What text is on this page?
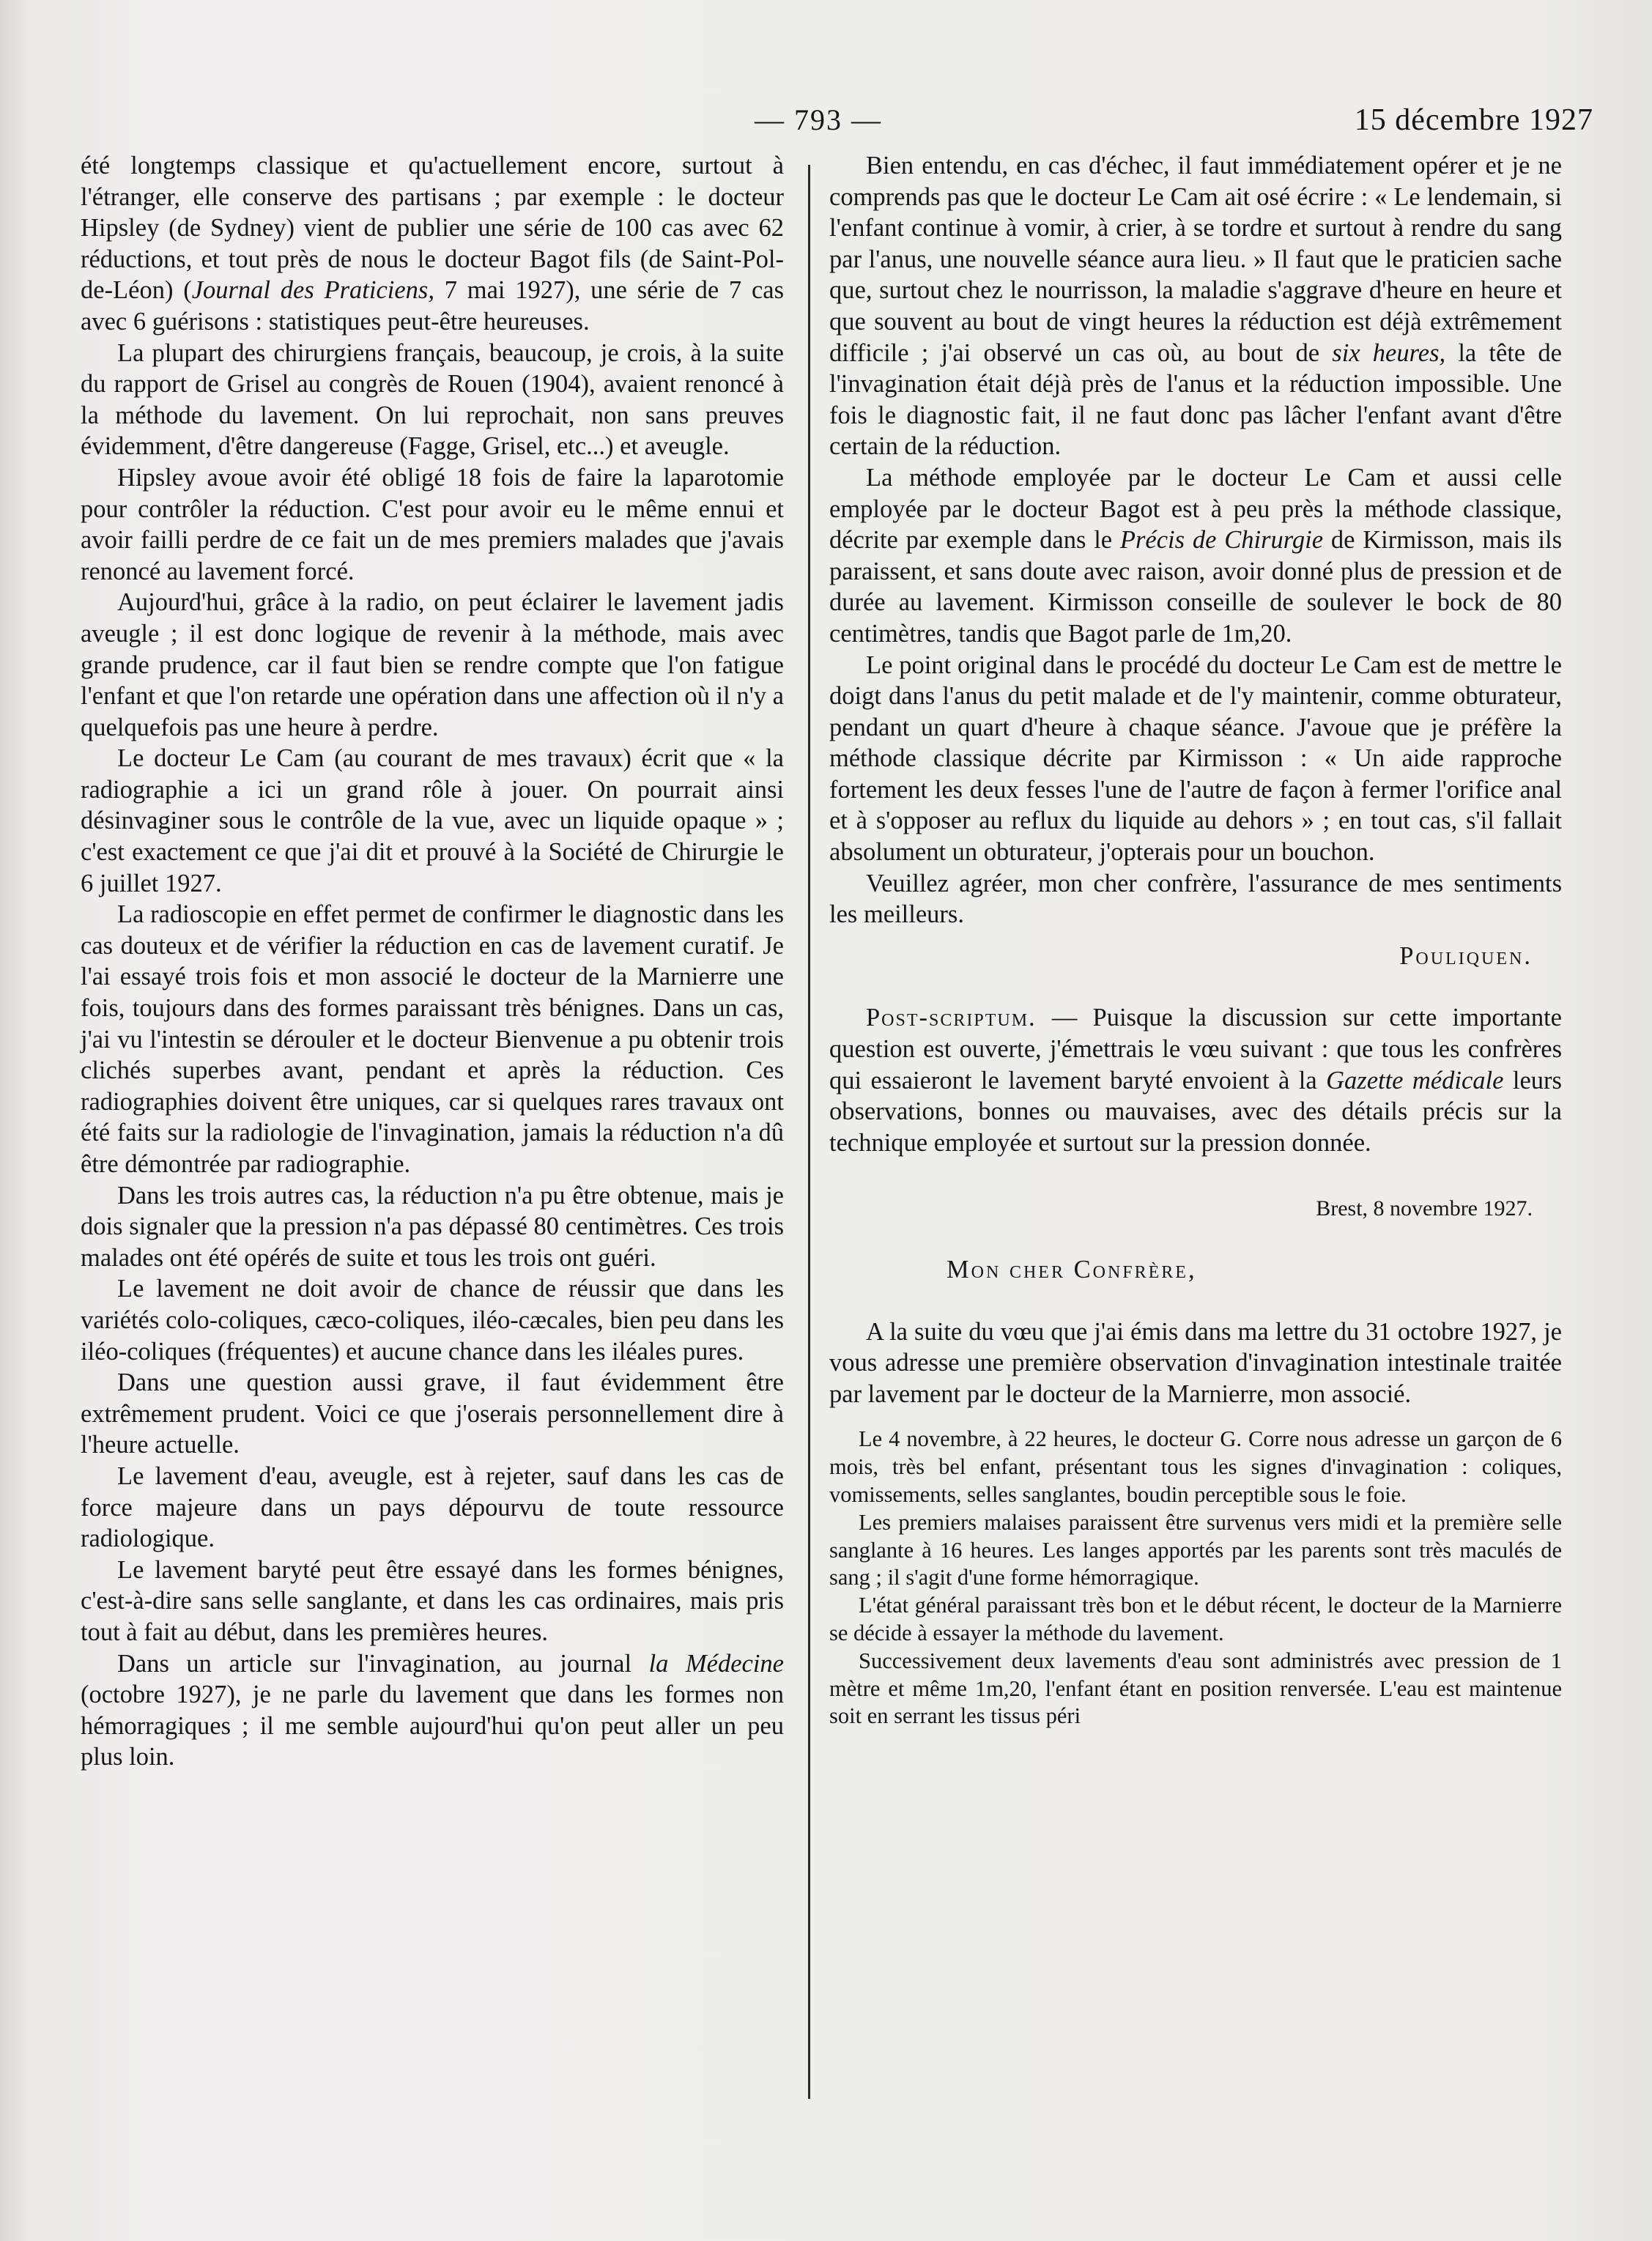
— 793 —	15 décembre 1927

été longtemps classique et qu'actuellement encore, surtout à l'étranger, elle conserve des partisans ; par exemple : le docteur Hipsley (de Sydney) vient de publier une série de 100 cas avec 62 réductions, et tout près de nous le docteur Bagot fils (de Saint-Pol-de-Léon) (Journal des Praticiens, 7 mai 1927), une série de 7 cas avec 6 guérisons : statistiques peut-être heureuses.

La plupart des chirurgiens français, beaucoup, je crois, à la suite du rapport de Grisel au congrès de Rouen (1904), avaient renoncé à la méthode du lavement. On lui reprochait, non sans preuves évidemment, d'être dangereuse (Fagge, Grisel, etc...) et aveugle.

Hipsley avoue avoir été obligé 18 fois de faire la laparotomie pour contrôler la réduction. C'est pour avoir eu le même ennui et avoir failli perdre de ce fait un de mes premiers malades que j'avais renoncé au lavement forcé.

Aujourd'hui, grâce à la radio, on peut éclairer le lavement jadis aveugle ; il est donc logique de revenir à la méthode, mais avec grande prudence, car il faut bien se rendre compte que l'on fatigue l'enfant et que l'on retarde une opération dans une affection où il n'y a quelquefois pas une heure à perdre.

Le docteur Le Cam (au courant de mes travaux) écrit que « la radiographie a ici un grand rôle à jouer. On pourrait ainsi désinvaginer sous le contrôle de la vue, avec un liquide opaque » ; c'est exactement ce que j'ai dit et prouvé à la Société de Chirurgie le 6 juillet 1927.

La radioscopie en effet permet de confirmer le diagnostic dans les cas douteux et de vérifier la réduction en cas de lavement curatif. Je l'ai essayé trois fois et mon associé le docteur de la Marnierre une fois, toujours dans des formes paraissant très bénignes. Dans un cas, j'ai vu l'intestin se dérouler et le docteur Bienvenue a pu obtenir trois clichés superbes avant, pendant et après la réduction. Ces radiographies doivent être uniques, car si quelques rares travaux ont été faits sur la radiologie de l'invagination, jamais la réduction n'a dû être démontrée par radiographie.

Dans les trois autres cas, la réduction n'a pu être obtenue, mais je dois signaler que la pression n'a pas dépassé 80 centimètres. Ces trois malades ont été opérés de suite et tous les trois ont guéri.

Le lavement ne doit avoir de chance de réussir que dans les variétés colo-coliques, cæco-coliques, iléo-cæcales, bien peu dans les iléo-coliques (fréquentes) et aucune chance dans les iléales pures.

Dans une question aussi grave, il faut évidemment être extrêmement prudent. Voici ce que j'oserais personnellement dire à l'heure actuelle.

Le lavement d'eau, aveugle, est à rejeter, sauf dans les cas de force majeure dans un pays dépourvu de toute ressource radiologique.

Le lavement baryté peut être essayé dans les formes bénignes, c'est-à-dire sans selle sanglante, et dans les cas ordinaires, mais pris tout à fait au début, dans les premières heures.

Dans un article sur l'invagination, au journal la Médecine (octobre 1927), je ne parle du lavement que dans les formes non hémorragiques ; il me semble aujourd'hui qu'on peut aller un peu plus loin.

Bien entendu, en cas d'échec, il faut immédiatement opérer et je ne comprends pas que le docteur Le Cam ait osé écrire : « Le lendemain, si l'enfant continue à vomir, à crier, à se tordre et surtout à rendre du sang par l'anus, une nouvelle séance aura lieu. » Il faut que le praticien sache que, surtout chez le nourrisson, la maladie s'aggrave d'heure en heure et que souvent au bout de vingt heures la réduction est déjà extrêmement difficile ; j'ai observé un cas où, au bout de six heures, la tête de l'invagination était déjà près de l'anus et la réduction impossible. Une fois le diagnostic fait, il ne faut donc pas lâcher l'enfant avant d'être certain de la réduction.

La méthode employée par le docteur Le Cam et aussi celle employée par le docteur Bagot est à peu près la méthode classique, décrite par exemple dans le Précis de Chirurgie de Kirmisson, mais ils paraissent, et sans doute avec raison, avoir donné plus de pression et de durée au lavement. Kirmisson conseille de soulever le bock de 80 centimètres, tandis que Bagot parle de 1m,20.

Le point original dans le procédé du docteur Le Cam est de mettre le doigt dans l'anus du petit malade et de l'y maintenir, comme obturateur, pendant un quart d'heure à chaque séance. J'avoue que je préfère la méthode classique décrite par Kirmisson : « Un aide rapproche fortement les deux fesses l'une de l'autre de façon à fermer l'orifice anal et à s'opposer au reflux du liquide au dehors » ; en tout cas, s'il fallait absolument un obturateur, j'opterais pour un bouchon.

Veuillez agréer, mon cher confrère, l'assurance de mes sentiments les meilleurs.

Pouliquen.

Post-scriptum. — Puisque la discussion sur cette importante question est ouverte, j'émettrais le vœu suivant : que tous les confrères qui essaieront le lavement baryté envoient à la Gazette médicale leurs observations, bonnes ou mauvaises, avec des détails précis sur la technique employée et surtout sur la pression donnée.

Brest, 8 novembre 1927.

Mon cher Confrère,

A la suite du vœu que j'ai émis dans ma lettre du 31 octobre 1927, je vous adresse une première observation d'invagination intestinale traitée par lavement par le docteur de la Marnierre, mon associé.

Le 4 novembre, à 22 heures, le docteur G. Corre nous adresse un garçon de 6 mois, très bel enfant, présentant tous les signes d'invagination : coliques, vomissements, selles sanglantes, boudin perceptible sous le foie.

Les premiers malaises paraissent être survenus vers midi et la première selle sanglante à 16 heures. Les langes apportés par les parents sont très maculés de sang ; il s'agit d'une forme hémorragique.

L'état général paraissant très bon et le début récent, le docteur de la Marnierre se décide à essayer la méthode du lavement.

Successivement deux lavements d'eau sont administrés avec pression de 1 mètre et même 1m,20, l'enfant étant en position renversée. L'eau est maintenue soit en serrant les tissus péri
